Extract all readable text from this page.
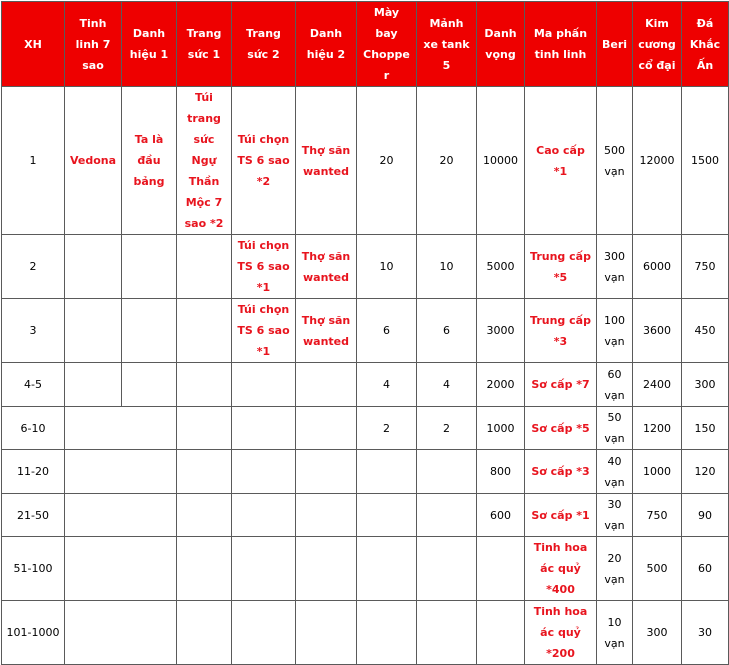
XH	Tinh linh 7 sao	Danh hiệu 1	Trang sức 1	Trang sức 2	Danh hiệu 2	Mày bay Chopper	Mảnh xe tank 5	Danh vọng	Ma phấn tinh linh	Beri	Kim cương cổ đại	Đá Khắc Ấn
1	Vedona	Ta là đầu bảng	Túi trang sức Ngự Thần Mộc 7 sao *2	Túi chọn TS 6 sao *2	Thợ săn wanted	20	20	10000	Cao cấp *1	500 vạn	12000	1500
2				Túi chọn TS 6 sao *1	Thợ săn wanted	10	10	5000	Trung cấp *5	300 vạn	6000	750
3				Túi chọn TS 6 sao *1	Thợ săn wanted	6	6	3000	Trung cấp *3	100 vạn	3600	450
4-5						4	4	2000	Sơ cấp *7	60 vạn	2400	300
6-10						2	2	1000	Sơ cấp *5	50 vạn	1200	150
11-20								800	Sơ cấp *3	40 vạn	1000	120
21-50								600	Sơ cấp *1	30 vạn	750	90
51-100									Tinh hoa ác quỷ *400	20 vạn	500	60
101-1000									Tinh hoa ác quỷ *200	10 vạn	300	30
